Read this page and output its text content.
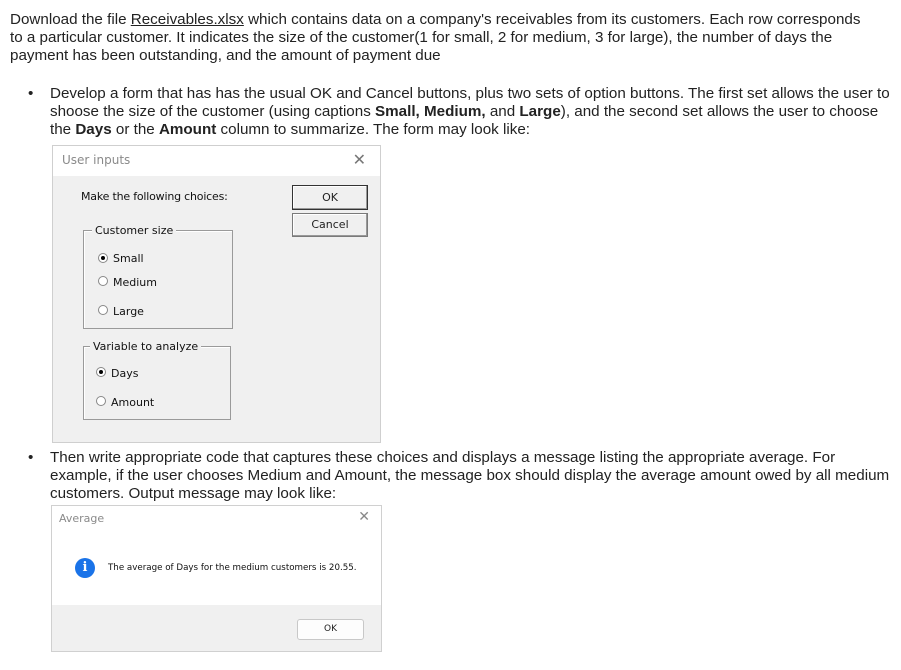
Download the file Receivables.xlsx which contains data on a company's receivables from its customers. Each row corresponds to a particular customer. It indicates the size of the customer(1 for small, 2 for medium, 3 for large), the number of days the payment has been outstanding, and the amount of payment due
• Develop a form that has has the usual OK and Cancel buttons, plus two sets of option buttons. The first set allows the user to shoose the size of the customer (using captions Small, Medium, and Large), and the second set allows the user to choose the Days or the Amount column to summarize. The form may look like:
User inputs	✕
Make the following choices:	OK
Cancel
Customer size
Small
Medium
Large
Variable to analyze
Days
Amount
• Then write appropriate code that captures these choices and displays a message listing the appropriate average. For example, if the user chooses Medium and Amount, the message box should display the average amount owed by all medium customers. Output message may look like:
Average	✕
i	The average of Days for the medium customers is 20.55.
OK
